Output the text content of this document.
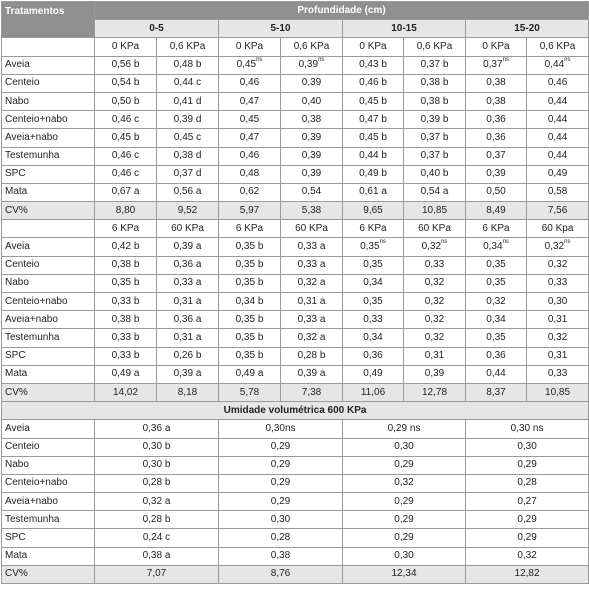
Tratamentos	Profundidade (cm)							
	0-5		5-10		10-15		15-20	
	0 KPa	0,6 KPa	0 KPa	0,6 KPa	0 KPa	0,6 KPa	0 KPa	0,6 KPa
Aveia	0,56 b	0,48 b	$0,45^{ns}$	$0,39^{ns}$	0,43 b	0,37 b	$0,37^{ns}$	$0,44^{ns}$
Centeio	0,54 b	0,44 c	0,46	0,39	0,46 b	0,38 b	0,38	0,46
Nabo	0,50 b	0,41 d	0,47	0,40	0,45 b	0,38 b	0,38	0,44
Centeio+nabo	0,46 c	0,39 d	0,45	0,38	0,47 b	0,39 b	0,36	0,44
Aveia+nabo	0,45 b	0,45 c	0,47	0,39	0,45 b	0,37 b	0,36	0,44
Testemunha	0,46 c	0,38 d	0,46	0,39	0,44 b	0,37 b	0,37	0,44
SPC	0,46 c	0,37 d	0,48	0,39	0,49 b	0,40 b	0,39	0,49
Mata	0,67 a	0,56 a	0,62	0,54	0,61 a	0,54 a	0,50	0,58
CV%	8,80	9,52	5,97	5,38	9,65	10,85	8,49	7,56
	6 KPa	60 KPa	6 KPa	60 KPa	6 KPa	60 KPa	6 KPa	60 Kpa
Aveia	0,42 b	0,39 a	0,35 b	0,33 a	$0,35^{ns}$	$0,32^{ns}$	$0,34^{ns}$	$0,32^{ns}$
Centeio	0,38 b	0,36 a	0,35 b	0,33 a	0,35	0,33	0,35	0,32
Nabo	0,35 b	0,33 a	0,35 b	0,32 a	0,34	0,32	0,35	0,33
Centeio+nabo	0,33 b	0,31 a	0,34 b	0,31 a	0,35	0,32	0,32	0,30
Aveia+nabo	0,38 b	0,36 a	0,35 b	0,33 a	0,33	0,32	0,34	0,31
Testemunha	0,33 b	0,31 a	0,35 b	0,32 a	0,34	0,32	0,35	0,32
SPC	0,33 b	0,26 b	0,35 b	0,28 b	0,36	0,31	0,36	0,31
Mata	0,49 a	0,39 a	0,49 a	0,39 a	0,49	0,39	0,44	0,33
CV%	14,02	8,18	5,78	7,38	11,06	12,78	8,37	10,85
Umidade volumétrica 600 KPa								
Aveia	0,36 a		0,30ns		0,29 ns		0,30 ns	
Centeio	0,30 b		0,29		0,30		0,30	
Nabo	0,30 b		0,29		0,29		0,29	
Centeio+nabo	0,28 b		0,29		0,32		0,28	
Aveia+nabo	0,32 a		0,29		0,29		0,27	
Testemunha	0,28 b		0,30		0,29		0,29	
SPC	0,24 c		0,28		0,29		0,29	
Mata	0,38 a		0,38		0,30		0,32	
CV%	7,07		8,76		12,34		12,82	
